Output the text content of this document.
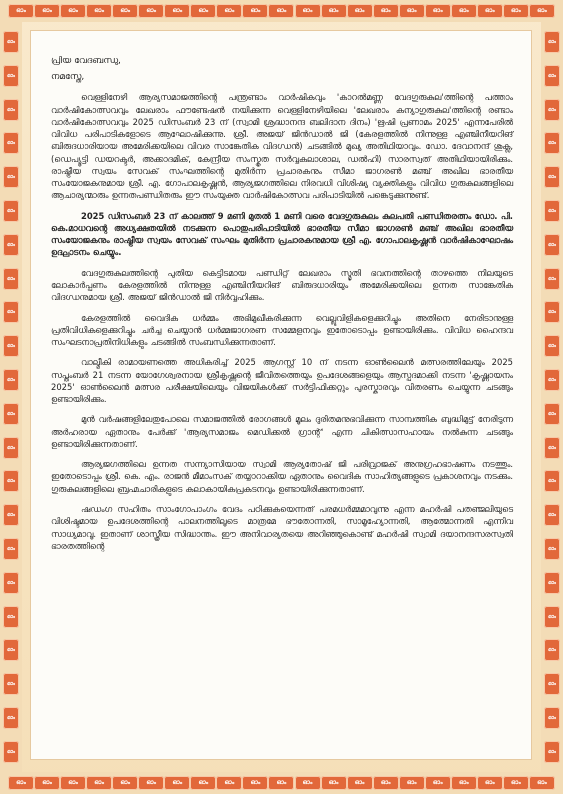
ഓം	ഓം	ഓം	ഓം	ഓം	ഓം	ഓം	ഓം	ഓം	ഓം	ഓം	ഓം	ഓം	ഓം	ഓം	ഓം	ഓം	ഓം	ഓം	ഓം	ഓം
ഓം	ഓം	ഓം	ഓം	ഓം	ഓം	ഓം	ഓം	ഓം	ഓം	ഓം	ഓം	ഓം	ഓം	ഓം	ഓം	ഓം	ഓം	ഓം	ഓം	ഓം
ഓം
ഓം
ഓം
ഓം
ഓം
ഓം
ഓം
ഓം
ഓം
ഓം
ഓം
ഓം
ഓം
ഓം
ഓം
ഓം
ഓം
ഓം
ഓം
ഓം
ഓം
ഓം
ഓം
ഓം
ഓം
ഓം
ഓം
ഓം
ഓം
ഓം
ഓം
ഓം
ഓം
ഓം
ഓം
ഓം
ഓം
ഓം
ഓം
ഓം
ഓം
ഓം
ഓം
ഓം

പ്രിയ വേദബന്ധു,

നമസ്തേ,

വെള്ളിനേഴി ആര്യസമാജത്തിന്റെ പന്ത്രണ്ടാം വാർഷികവും 'കാറൽമണ്ണ വേദഗുരുകുല'ത്തിന്റെ പത്താം വാർഷികോത്സവവും ലേഖരാം ഫൗണ്ടേഷൻ നയിക്കുന്ന വെള്ളിനേഴിയിലെ 'ലേഖരാം കന്യാഗുരുകുല'ത്തിന്റെ രണ്ടാം വാർഷികോത്സവവും 2025 ഡിസംബർ 23 ന് (സ്വാമി ശ്രദ്ധാനന്ദ ബലിദാന ദിനം) 'ഋഷി പ്രണാമം 2025' എന്നപേരിൽ വിവിധ പരിപാടികളോടെ ആഘോഷിക്കുന്നു. ശ്രീ. അജയ് ജിൻഡാൽ ജി (കേരളത്തിൽ നിന്നുള്ള എഞ്ചിനീയറിങ് ബിരുദധാരിയായ അമേരിക്കയിലെ വിവര സാങ്കേതിക വിദഗ്ധൻ) ചടങ്ങിൽ മുഖ്യ അതിഥിയാവും. ഡോ. ദേവാനന്ദ് ശുക്ല, (ഡെപ്യൂട്ടി ഡയറക്ടർ, അക്കാദമിക്, കേന്ദ്രീയ സംസ്കൃത സർവ്വകലാശാല, ഡൽഹി) സാരസ്വത് അതിഥിയായിരിക്കും. രാഷ്ട്രീയ സ്വയം സേവക് സംഘത്തിന്റെ മുതിർന്ന പ്രചാരകനും സീമാ ജാഗരൺ മഞ്ച് അഖില ഭാരതീയ സംയോജകനുമായ ശ്രീ. എ. ഗോപാലകൃഷ്ണൻ, ആര്യജഗത്തിലെ നിരവധി വിശിഷ്യ വ്യക്തികളും വിവിധ ഗുരുകുലങ്ങളിലെ ആചാര്യന്മാരും ഉന്നതപണ്ഡിതരും ഈ സംയുക്ത വാർഷികോത്സവ പരിപാടിയിൽ പങ്കെടുക്കുന്നുണ്ട്.

2025 ഡിസംബർ 23 ന് കാലത്ത് 9 മണി മുതൽ 1 മണി വരെ വേദഗുരുകുലം കുലപതി പണ്ഡിതരത്നം ഡോ. പി. കെ.മാധവന്റെ അധ്യക്ഷതയിൽ നടക്കുന്ന പൊതുപരിപാടിയിൽ ഭാരതീയ സീമാ ജാഗരൺ മഞ്ച് അഖില ഭാരതീയ സംയോജകനും രാഷ്ട്രീയ സ്വയം സേവക് സംഘം മുതിർന്ന പ്രചാരകനുമായ ശ്രീ എ. ഗോപാലകൃഷ്ണൻ വാർഷികാഘോഷം ഉദ്ഘാടനം ചെയ്യും.

വേദഗുരുകുലത്തിന്റെ പുതിയ കെട്ടിടമായ പണ്ഡിറ്റ് ലേഖരാം സ്മൃതി ഭവനത്തിന്റെ താഴത്തെ നിലയുടെ ലോകാർപ്പണം കേരളത്തിൽ നിന്നുള്ള എഞ്ചിനീയറിങ് ബിരുദധാരിയും അമേരിക്കയിലെ ഉന്നത സാങ്കേതിക വിദഗ്ധനുമായ ശ്രീ. അജയ് ജിൻഡാൽ ജി നിർവ്വഹിക്കും.

കേരളത്തിൽ വൈദിക ധർമ്മം അഭിമുഖീകരിക്കുന്ന വെല്ലുവിളികളെക്കുറിച്ചും അതിനെ നേരിടാനുള്ള പ്രതിവിധികളെക്കുറിച്ചും ചർച്ച ചെയ്യാൻ ധർമ്മജാഗരണ സമ്മേളനവും ഇതോടൊപ്പം ഉണ്ടായിരിക്കും. വിവിധ ഹൈന്ദവ സംഘടനാപ്രതിനിധികളും ചടങ്ങിൽ സംബന്ധിക്കുന്നതാണ്.

വാല്മീകി രാമായണത്തെ അധികരിച്ച് 2025 ആഗസ്റ്റ് 10 ന് നടന്ന ഓൺലൈൻ മത്സരത്തിലേയും 2025 സപ്തംബർ 21 നടന്ന യോഗേശ്വരനായ ശ്രീകൃഷ്ണന്റെ ജീവിതത്തെയും ഉപദേശങ്ങളെയും ആസ്പദമാക്കി നടന്ന 'കൃഷ്ണായനം 2025' ഓൺലൈൻ മത്സര പരീക്ഷയിലെയും വിജയികൾക്ക് സർട്ടിഫിക്കറ്റും പുരസ്കാരവും വിതരണം ചെയ്യുന്ന ചടങ്ങും ഉണ്ടായിരിക്കും.

മുൻ വർഷങ്ങളിലേതുപോലെ സമാജത്തിൽ രോഗങ്ങൾ മൂലം ദുരിതമനുഭവിക്കുന്ന സാമ്പത്തിക ബുദ്ധിമുട്ട് നേരിടുന്ന അർഹരായ ഏതാനും പേർക്ക് 'ആര്യസമാജം മെഡിക്കൽ ഗ്രാന്റ്' എന്ന ചികിത്സാസഹായം നൽകുന്ന ചടങ്ങും ഉണ്ടായിരിക്കുന്നതാണ്.

ആര്യജഗത്തിലെ ഉന്നത സന്ന്യാസിയായ സ്വാമി ആര്യതോഷ് ജി പരിവ്രാജക് അനുഗ്രഹഭാഷണം നടത്തും. ഇതോടൊപ്പം ശ്രീ. കെ. എം. രാജൻ മീമാംസക് തയ്യാറാക്കിയ ഏതാനും വൈദിക സാഹിത്യങ്ങളുടെ പ്രകാശനവും നടക്കും. ഗുരുകുലങ്ങളിലെ ബ്രഹ്മചാരികളുടെ കലാകായികപ്രകടനവും ഉണ്ടായിരിക്കുന്നതാണ്.

ഷഡംഗ സഹിതം സാംഗോപാംഗം വേദം പഠിക്കുകയെന്നത് പരമധർമ്മമാവുന്നു എന്ന മഹർഷി പതഞ്ജലിയുടെ വിശിഷ്ടമായ ഉപദേശത്തിന്റെ പാലനത്തിലൂടെ മാത്രമേ ഭൗതോന്നതി, സാമൂഹ്യോന്നതി, ആത്മോന്നതി എന്നിവ സാധ്യമാവൂ. ഇതാണ് ശാസ്ത്രീയ സിദ്ധാന്തം. ഈ അനിവാര്യതയെ അറിഞ്ഞുകൊണ്ട് മഹർഷി സ്വാമി ദയാനന്ദസരസ്വതി ഭാരതത്തിന്റെ
